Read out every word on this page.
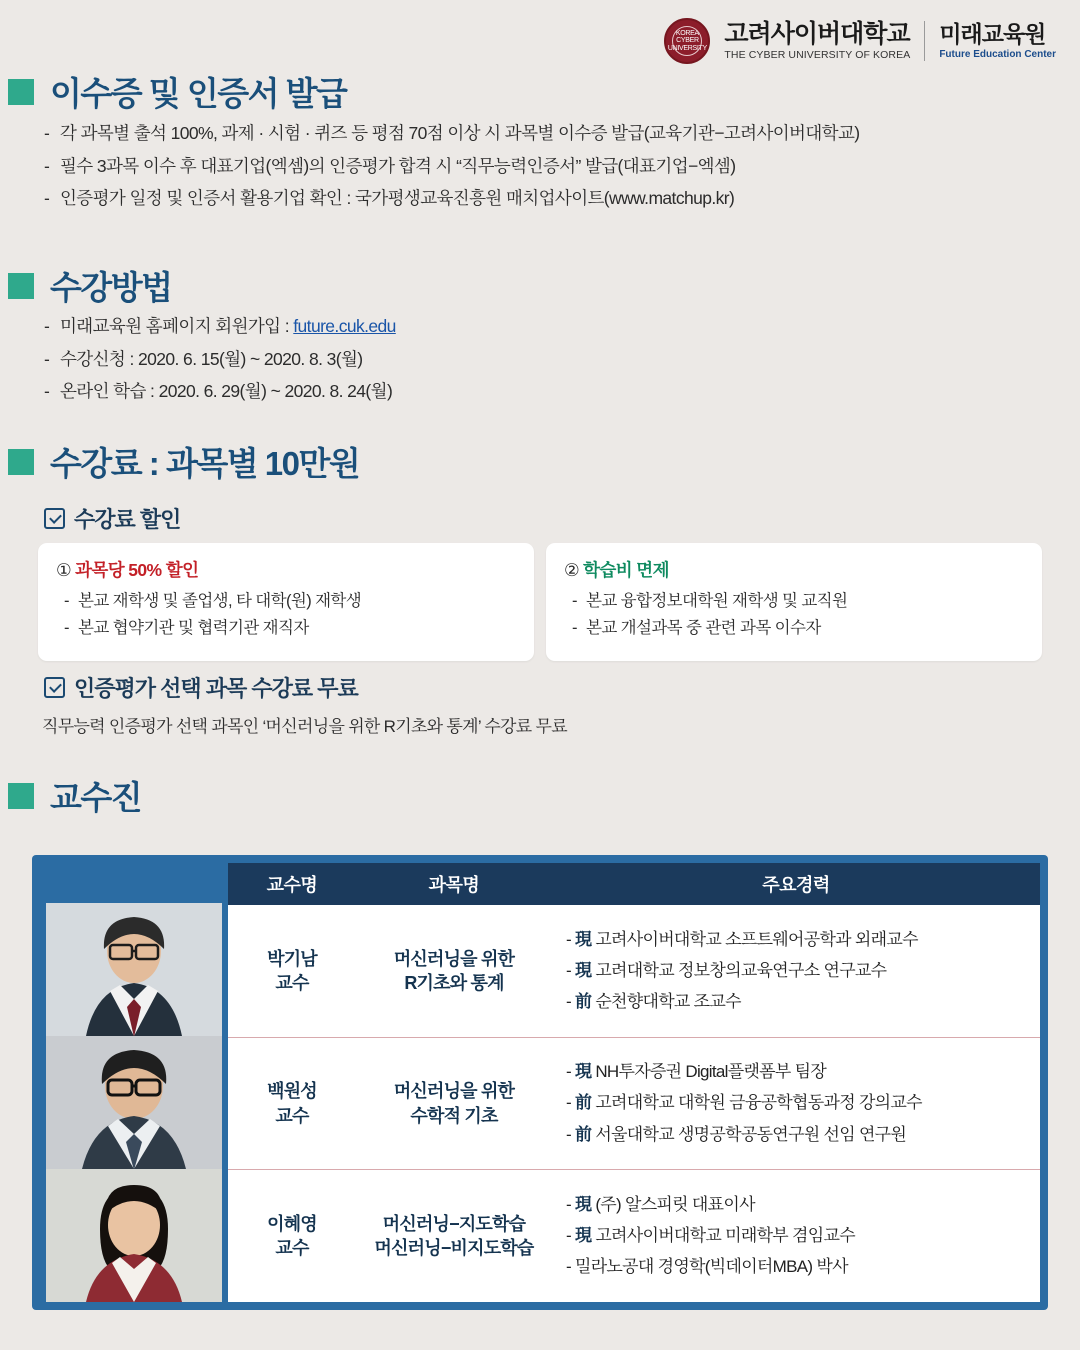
KOREA CYBER UNIVERSITY
고려사이버대학교
THE CYBER UNIVERSITY OF KOREA
미래교육원
Future Education Center
이수증 및 인증서 발급
- 각 과목별 출석 100%, 과제 · 시험 · 퀴즈 등 평점 70점 이상 시 과목별 이수증 발급(교육기관−고려사이버대학교)
- 필수 3과목 이수 후 대표기업(엑셈)의 인증평가 합격 시 “직무능력인증서” 발급(대표기업−엑셈)
- 인증평가 일정 및 인증서 활용기업 확인 : 국가평생교육진흥원 매치업사이트(www.matchup.kr)
수강방법
- 미래교육원 홈페이지 회원가입 : future.cuk.edu
- 수강신청 : 2020. 6. 15(월) ~ 2020. 8. 3(월)
- 온라인 학습 : 2020. 6. 29(월) ~ 2020. 8. 24(월)
수강료 : 과목별 10만원
수강료 할인
① 과목당 50% 할인
- 본교 재학생 및 졸업생, 타 대학(원) 재학생
- 본교 협약기관 및 협력기관 재직자
② 학습비 면제
- 본교 융합정보대학원 재학생 및 교직원
- 본교 개설과목 중 관련 과목 이수자
인증평가 선택 과목 수강료 무료
직무능력 인증평가 선택 과목인 ‘머신러닝을 위한 R기초와 통계’ 수강료 무료
교수진
교수명	과목명	주요경력
박기남
교수
머신러닝을 위한
R기초와 통계
- 現 고려사이버대학교 소프트웨어공학과 외래교수
- 現 고려대학교 정보창의교육연구소 연구교수
- 前 순천향대학교 조교수
백원성
교수
머신러닝을 위한
수학적 기초
- 現 NH투자증권 Digital플랫폼부 팀장
- 前 고려대학교 대학원 금융공학협동과정 강의교수
- 前 서울대학교 생명공학공동연구원 선임 연구원
이혜영
교수
머신러닝−지도학습
머신러닝−비지도학습
- 現 (주) 알스피릿 대표이사
- 現 고려사이버대학교 미래학부 겸임교수
- 밀라노공대 경영학(빅데이터MBA) 박사
